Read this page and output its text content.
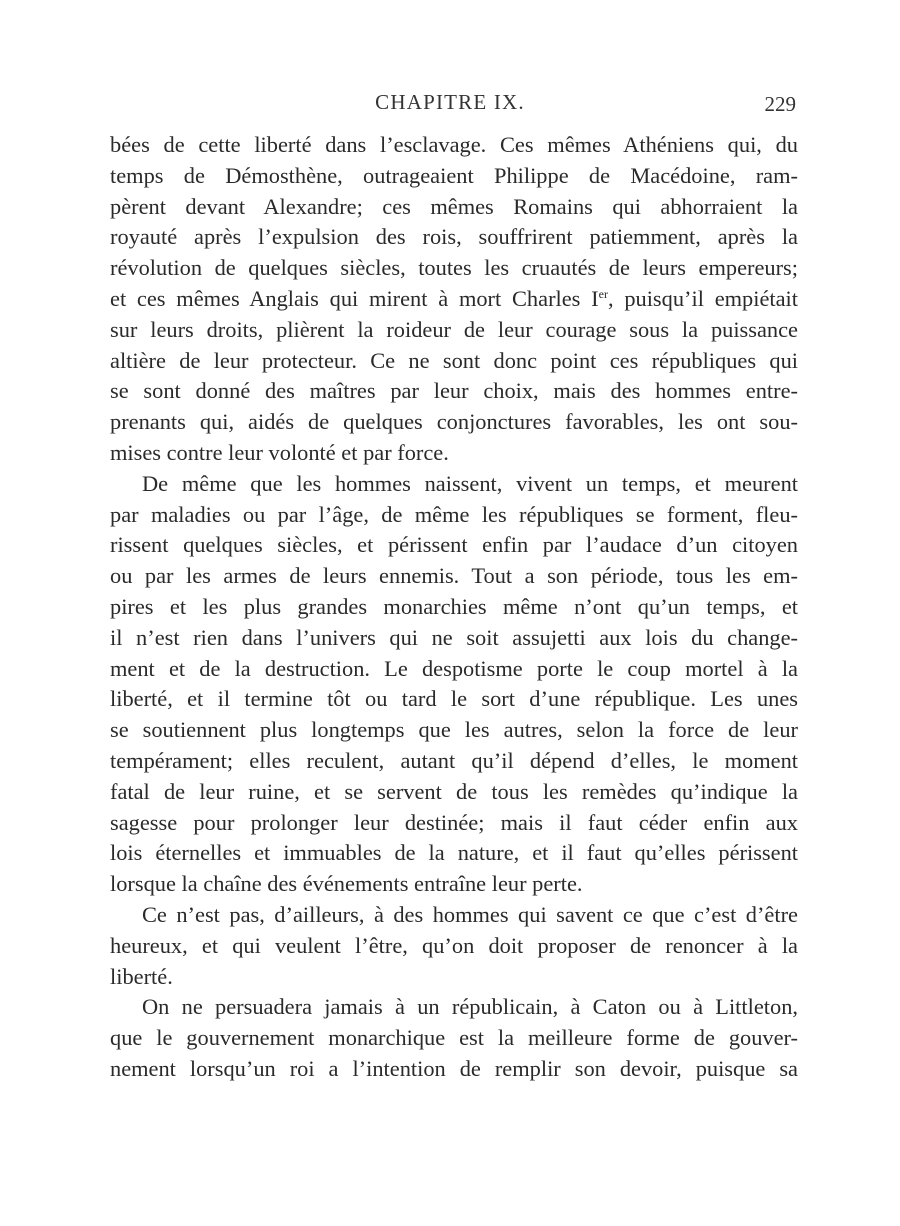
CHAPITRE IX.	229
bées de cette liberté dans l’esclavage. Ces mêmes Athéniens qui, du
temps de Démosthène, outrageaient Philippe de Macédoine, ram-
pèrent devant Alexandre; ces mêmes Romains qui abhorraient la
royauté après l’expulsion des rois, souffrirent patiemment, après la
révolution de quelques siècles, toutes les cruautés de leurs empereurs;
et ces mêmes Anglais qui mirent à mort Charles Ier, puisqu’il empiétait
sur leurs droits, plièrent la roideur de leur courage sous la puissance
altière de leur protecteur. Ce ne sont donc point ces républiques qui
se sont donné des maîtres par leur choix, mais des hommes entre-
prenants qui, aidés de quelques conjonctures favorables, les ont sou-
mises contre leur volonté et par force.
De même que les hommes naissent, vivent un temps, et meurent
par maladies ou par l’âge, de même les républiques se forment, fleu-
rissent quelques siècles, et périssent enfin par l’audace d’un citoyen
ou par les armes de leurs ennemis. Tout a son période, tous les em-
pires et les plus grandes monarchies même n’ont qu’un temps, et
il n’est rien dans l’univers qui ne soit assujetti aux lois du change-
ment et de la destruction. Le despotisme porte le coup mortel à la
liberté, et il termine tôt ou tard le sort d’une république. Les unes
se soutiennent plus longtemps que les autres, selon la force de leur
tempérament; elles reculent, autant qu’il dépend d’elles, le moment
fatal de leur ruine, et se servent de tous les remèdes qu’indique la
sagesse pour prolonger leur destinée; mais il faut céder enfin aux
lois éternelles et immuables de la nature, et il faut qu’elles périssent
lorsque la chaîne des événements entraîne leur perte.
Ce n’est pas, d’ailleurs, à des hommes qui savent ce que c’est d’être
heureux, et qui veulent l’être, qu’on doit proposer de renoncer à la
liberté.
On ne persuadera jamais à un républicain, à Caton ou à Littleton,
que le gouvernement monarchique est la meilleure forme de gouver-
nement lorsqu’un roi a l’intention de remplir son devoir, puisque sa
